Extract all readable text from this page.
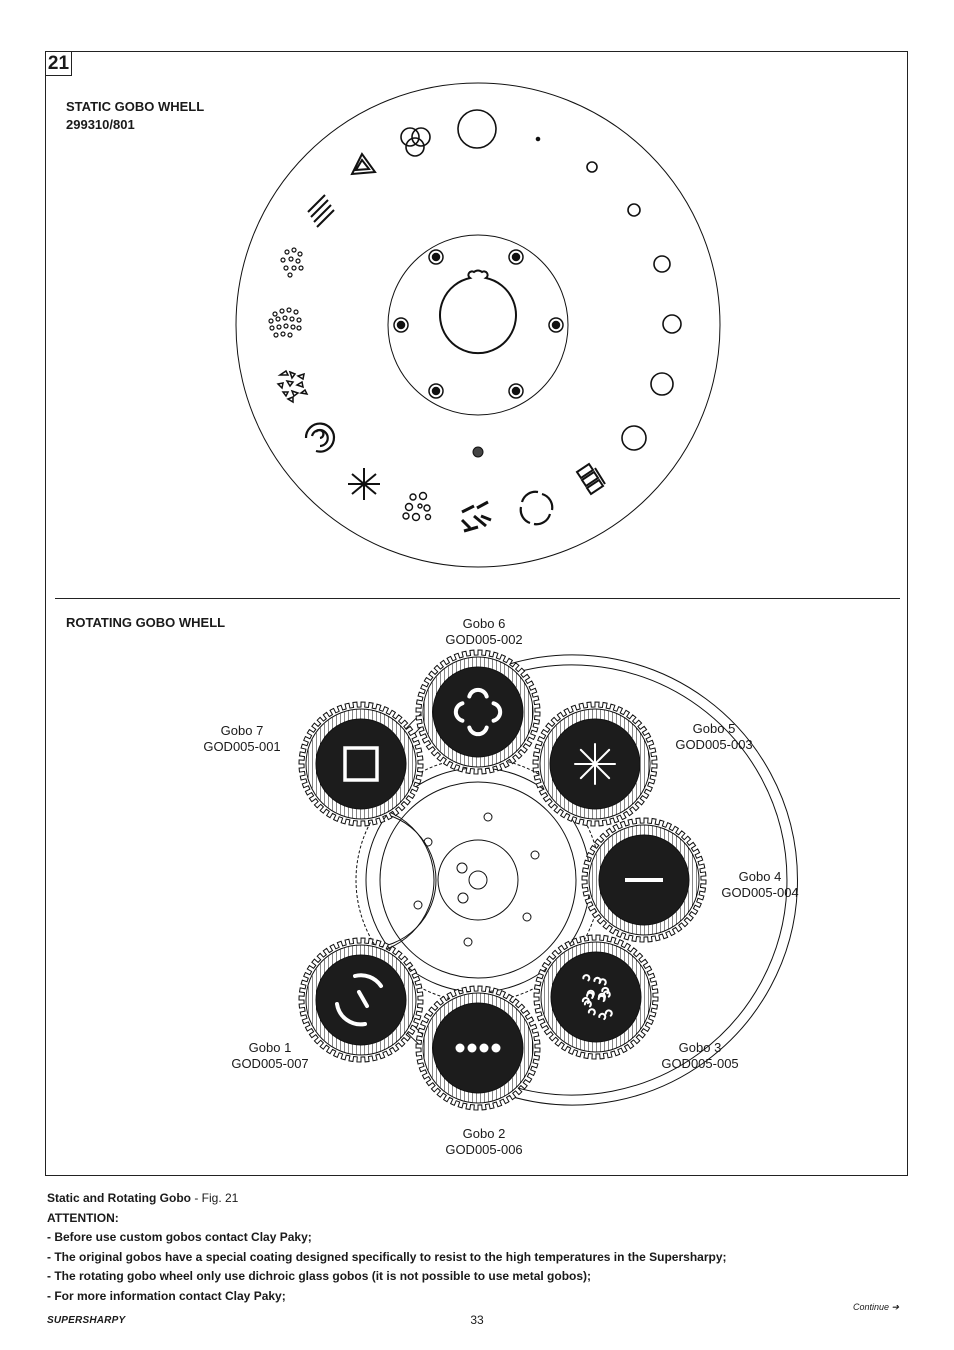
21
STATIC GOBO WHELL
299310/801
ROTATING GOBO WHELL	Gobo 6
GOD005-002
Gobo 7
GOD005-001
Gobo 5
GOD005-003
Gobo 4
GOD005-004
Gobo 1
GOD005-007
Gobo 3
GOD005-005
Gobo 2
GOD005-006
Static and Rotating Gobo - Fig. 21
ATTENTION:
- Before use custom gobos contact Clay Paky;
- The original gobos have a special coating designed specifically to resist to the high temperatures in the Supersharpy;
- The rotating gobo wheel only use dichroic glass gobos (it is not possible to use metal gobos);
- For more information contact Clay Paky;
SUPERSHARPY	33
Continue ➔
